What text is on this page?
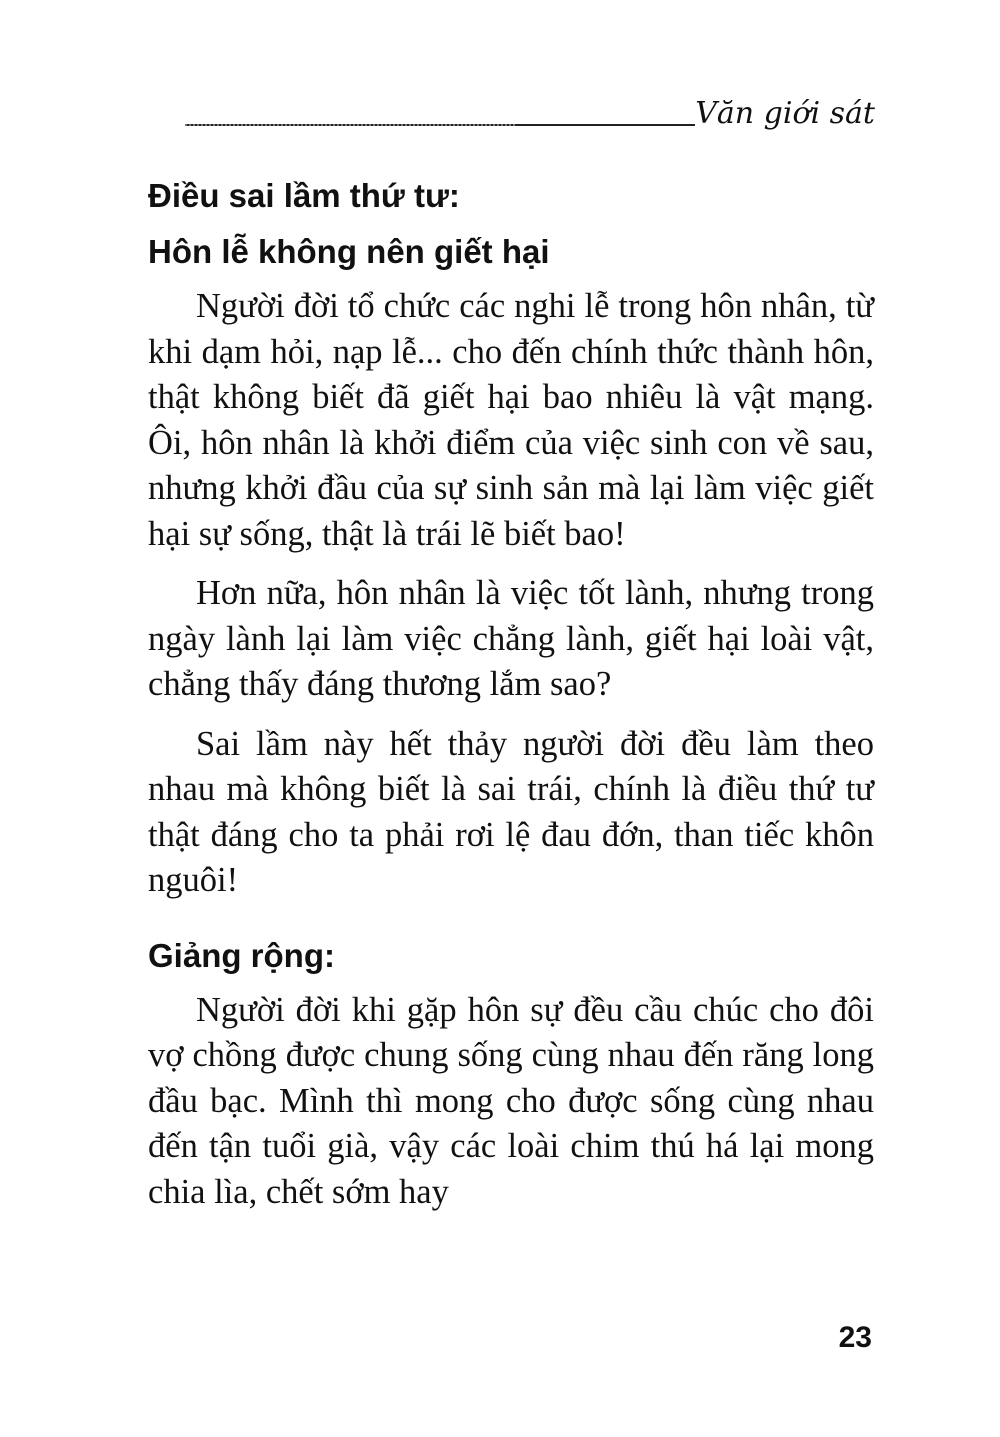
Văn giới sát

Điều sai lầm thứ tư:

Hôn lễ không nên giết hại

Người đời tổ chức các nghi lễ trong hôn nhân, từ khi dạm hỏi, nạp lễ... cho đến chính thức thành hôn, thật không biết đã giết hại bao nhiêu là vật mạng. Ôi, hôn nhân là khởi điểm của việc sinh con về sau, nhưng khởi đầu của sự sinh sản mà lại làm việc giết hại sự sống, thật là trái lẽ biết bao!

Hơn nữa, hôn nhân là việc tốt lành, nhưng trong ngày lành lại làm việc chẳng lành, giết hại loài vật, chẳng thấy đáng thương lắm sao?

Sai lầm này hết thảy người đời đều làm theo nhau mà không biết là sai trái, chính là điều thứ tư thật đáng cho ta phải rơi lệ đau đớn, than tiếc khôn nguôi!

Giảng rộng:

Người đời khi gặp hôn sự đều cầu chúc cho đôi vợ chồng được chung sống cùng nhau đến răng long đầu bạc. Mình thì mong cho được sống cùng nhau đến tận tuổi già, vậy các loài chim thú há lại mong chia lìa, chết sớm hay

23
